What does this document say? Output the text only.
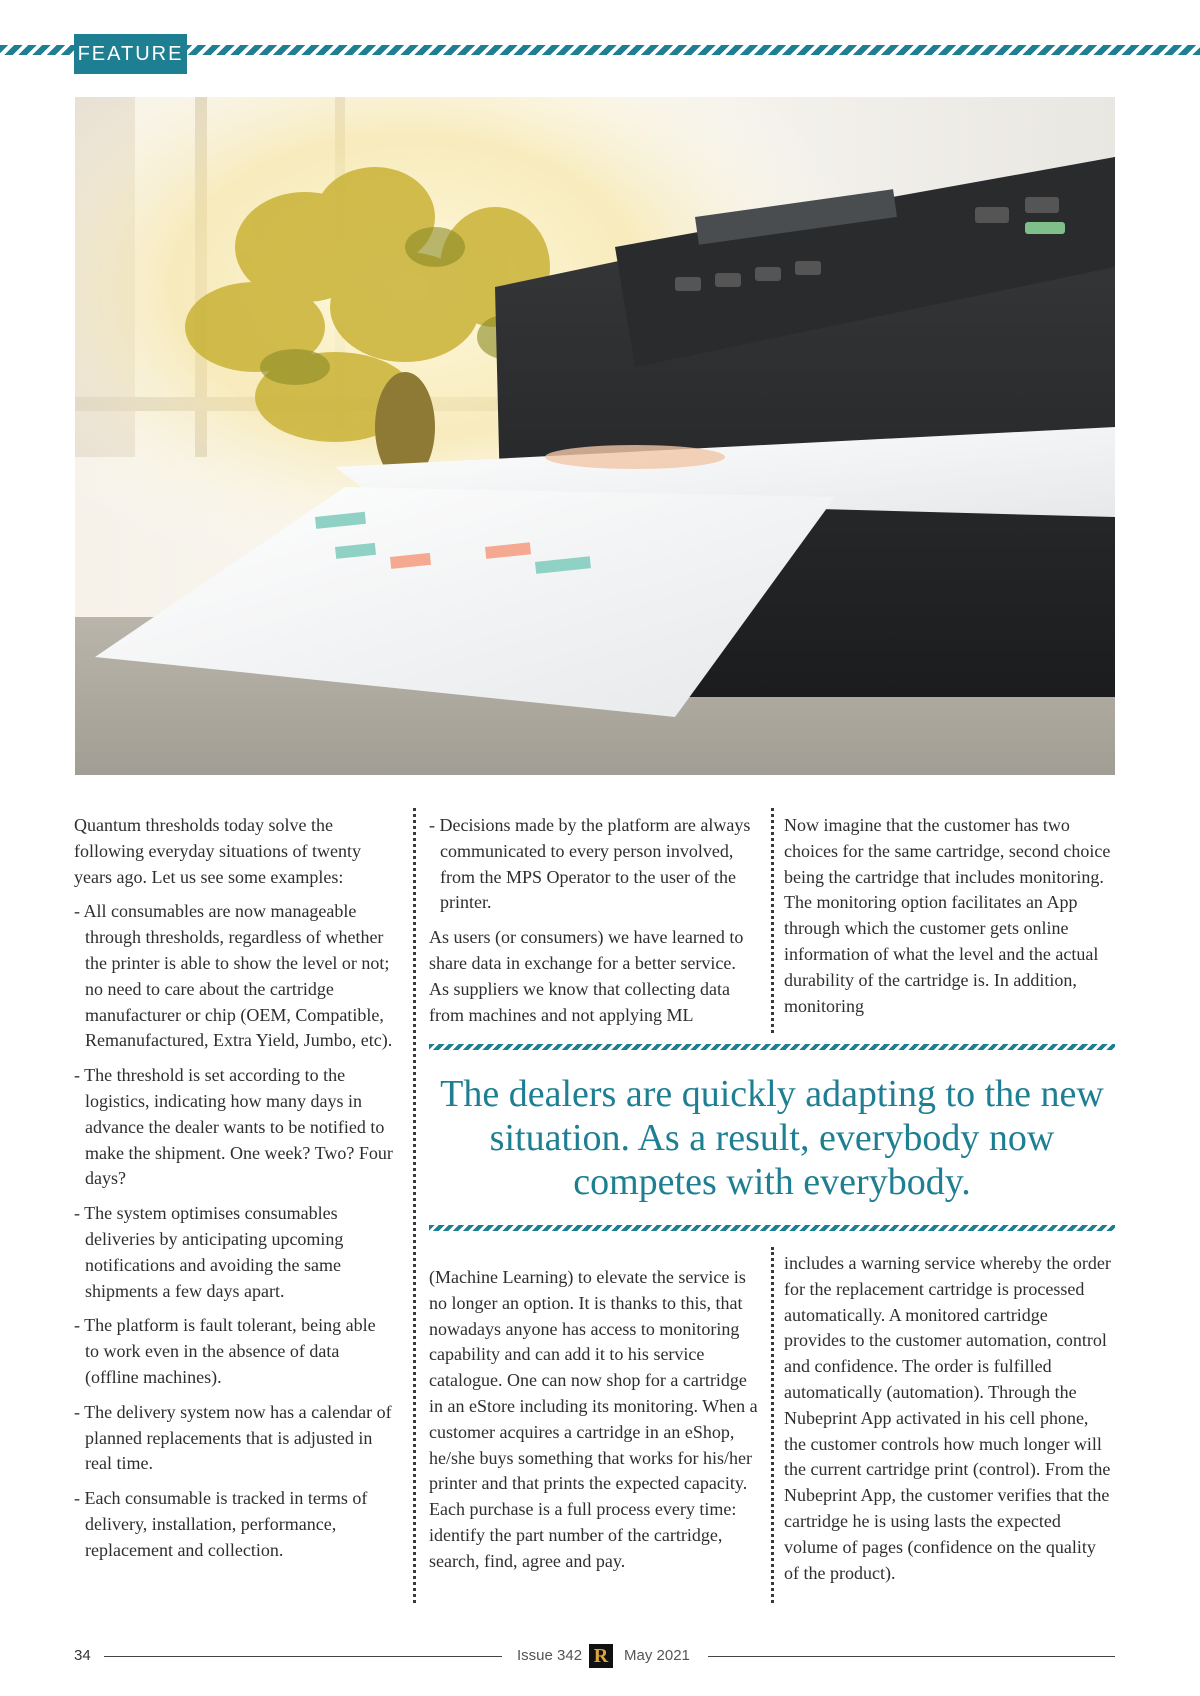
FEATURE

Quantum thresholds today solve the following everyday situations of twenty years ago. Let us see some examples:

- All consumables are now manageable through thresholds, regardless of whether the printer is able to show the level or not; no need to care about the cartridge manufacturer or chip (OEM, Compatible, Remanufactured, Extra Yield, Jumbo, etc).

- The threshold is set according to the logistics, indicating how many days in advance the dealer wants to be notified to make the shipment. One week? Two? Four days?

- The system optimises consumables deliveries by anticipating upcoming notifications and avoiding the same shipments a few days apart.

- The platform is fault tolerant, being able to work even in the absence of data (offline machines).

- The delivery system now has a calendar of planned replacements that is adjusted in real time.

- Each consumable is tracked in terms of delivery, installation, performance, replacement and collection.

- Decisions made by the platform are always communicated to every person involved, from the MPS Operator to the user of the printer.

As users (or consumers) we have learned to share data in exchange for a better service. As suppliers we know that collecting data from machines and not applying ML

Now imagine that the customer has two choices for the same cartridge, second choice being the cartridge that includes monitoring. The monitoring option facilitates an App through which the customer gets online information of what the level and the actual durability of the cartridge is. In addition, monitoring

The dealers are quickly adapting to the new situation. As a result, everybody now competes with everybody.

(Machine Learning) to elevate the service is no longer an option. It is thanks to this, that nowadays anyone has access to monitoring capability and can add it to his service catalogue. One can now shop for a cartridge in an eStore including its monitoring. When a customer acquires a cartridge in an eShop, he/she buys something that works for his/her printer and that prints the expected capacity. Each purchase is a full process every time: identify the part number of the cartridge, search, find, agree and pay.

includes a warning service whereby the order for the replacement cartridge is processed automatically. A monitored cartridge provides to the customer automation, control and confidence. The order is fulfilled automatically (automation). Through the Nubeprint App activated in his cell phone, the customer controls how much longer will the current cartridge print (control). From the Nubeprint App, the customer verifies that the cartridge he is using lasts the expected volume of pages (confidence on the quality of the product).

34	Issue 342 R	May 2021
